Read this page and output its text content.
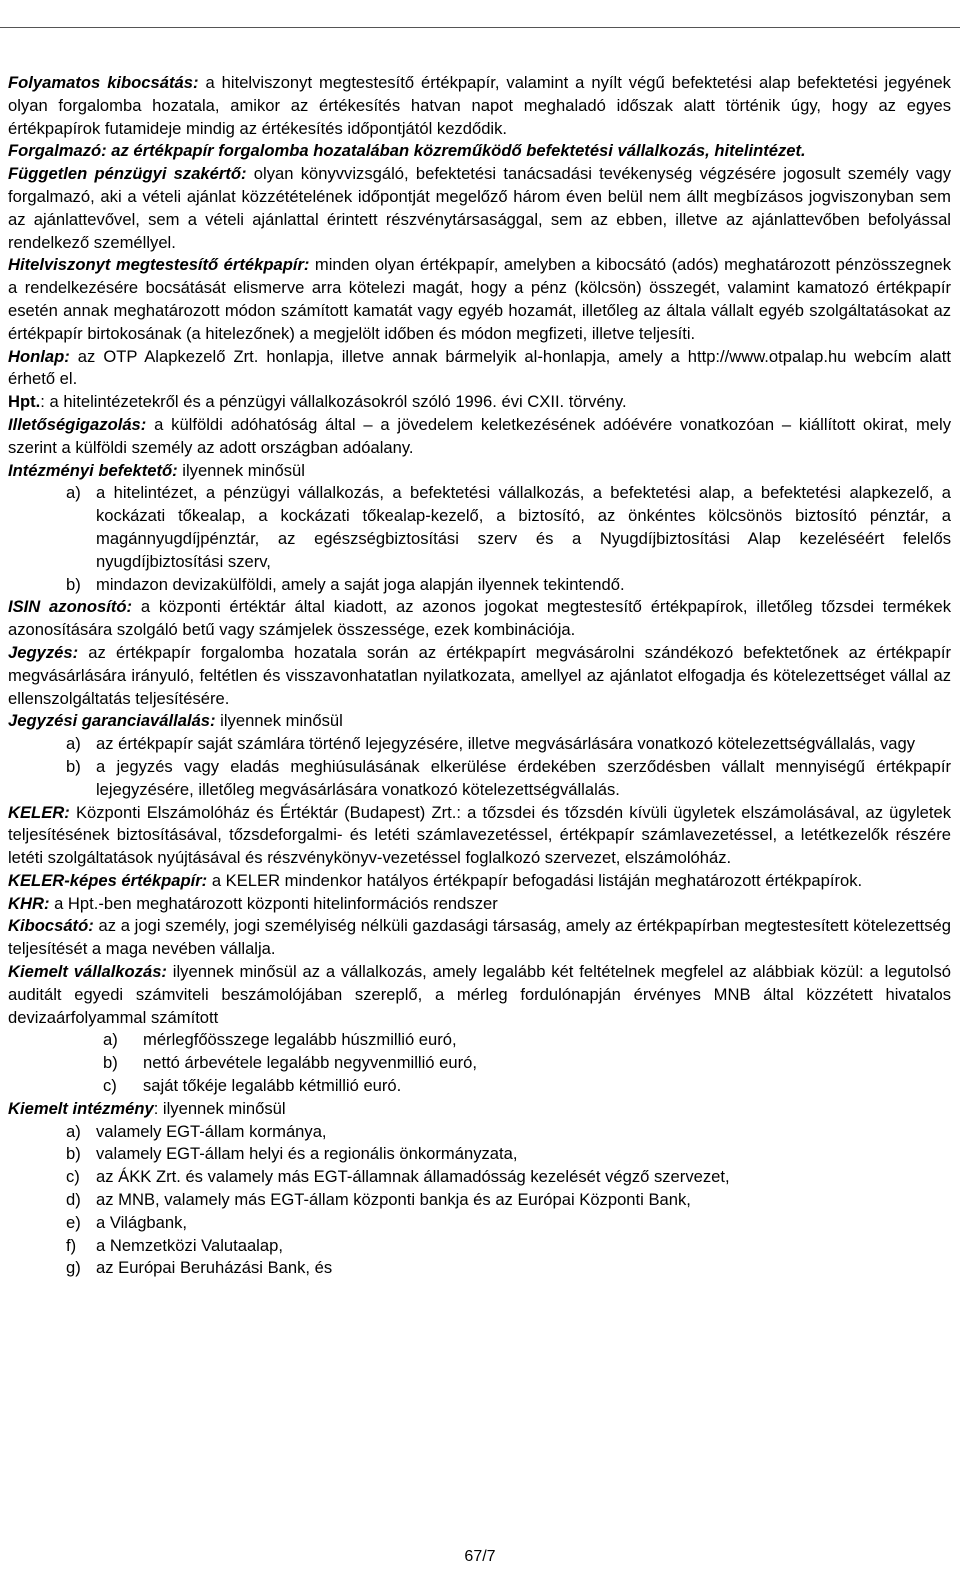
ÜZLETSZABÁLYZAT	FOGALMAK

Folyamatos kibocsátás: a hitelviszonyt megtestesítő értékpapír, valamint a nyílt végű befektetési alap befektetési jegyének olyan forgalomba hozatala, amikor az értékesítés hatvan napot meghaladó időszak alatt történik úgy, hogy az egyes értékpapírok futamideje mindig az értékesítés időpontjától kezdődik.

Forgalmazó: az értékpapír forgalomba hozatalában közreműködő befektetési vállalkozás, hitelintézet.

Független pénzügyi szakértő: olyan könyvvizsgáló, befektetési tanácsadási tevékenység végzésére jogosult személy vagy forgalmazó, aki a vételi ajánlat közzétételének időpontját megelőző három éven belül nem állt megbízásos jogviszonyban sem az ajánlattevővel, sem a vételi ajánlattal érintett részvénytársasággal, sem az ebben, illetve az ajánlattevőben befolyással rendelkező személlyel.

Hitelviszonyt megtestesítő értékpapír: minden olyan értékpapír, amelyben a kibocsátó (adós) meghatározott pénzösszegnek a rendelkezésére bocsátását elismerve arra kötelezi magát, hogy a pénz (kölcsön) összegét, valamint kamatozó értékpapír esetén annak meghatározott módon számított kamatát vagy egyéb hozamát, illetőleg az általa vállalt egyéb szolgáltatásokat az értékpapír birtokosának (a hitelezőnek) a megjelölt időben és módon megfizeti, illetve teljesíti.

Honlap: az OTP Alapkezelő Zrt. honlapja, illetve annak bármelyik al-honlapja, amely a http://www.otpalap.hu webcím alatt érhető el.

Hpt.: a hitelintézetekről és a pénzügyi vállalkozásokról szóló 1996. évi CXII. törvény.

Illetőségigazolás: a külföldi adóhatóság által – a jövedelem keletkezésének adóévére vonatkozóan – kiállított okirat, mely szerint a külföldi személy az adott országban adóalany.

Intézményi befektető: ilyennek minősül

a) a hitelintézet, a pénzügyi vállalkozás, a befektetési vállalkozás, a befektetési alap, a befektetési alapkezelő, a kockázati tőkealap, a kockázati tőkealap-kezelő, a biztosító, az önkéntes kölcsönös biztosító pénztár, a magánnyugdíjpénztár, az egészségbiztosítási szerv és a Nyugdíjbiztosítási Alap kezeléséért felelős nyugdíjbiztosítási szerv,
b) mindazon devizakülföldi, amely a saját joga alapján ilyennek tekintendő.

ISIN azonosító: a központi értéktár által kiadott, az azonos jogokat megtestesítő értékpapírok, illetőleg tőzsdei termékek azonosítására szolgáló betű vagy számjelek összessége, ezek kombinációja.

Jegyzés: az értékpapír forgalomba hozatala során az értékpapírt megvásárolni szándékozó befektetőnek az értékpapír megvásárlására irányuló, feltétlen és visszavonhatatlan nyilatkozata, amellyel az ajánlatot elfogadja és kötelezettséget vállal az ellenszolgáltatás teljesítésére.

Jegyzési garanciavállalás: ilyennek minősül

a) az értékpapír saját számlára történő lejegyzésére, illetve megvásárlására vonatkozó kötelezettségvállalás, vagy
b) a jegyzés vagy eladás meghiúsulásának elkerülése érdekében szerződésben vállalt mennyiségű értékpapír lejegyzésére, illetőleg megvásárlására vonatkozó kötelezettségvállalás.

KELER: Központi Elszámolóház és Értéktár (Budapest) Zrt.: a tőzsdei és tőzsdén kívüli ügyletek elszámolásával, az ügyletek teljesítésének biztosításával, tőzsdeforgalmi- és letéti számlavezetéssel, értékpapír számlavezetéssel, a letétkezelők részére letéti szolgáltatások nyújtásával és részvénykönyv-vezetéssel foglalkozó szervezet, elszámolóház.

KELER-képes értékpapír: a KELER mindenkor hatályos értékpapír befogadási listáján meghatározott értékpapírok.

KHR: a Hpt.-ben meghatározott központi hitelinformációs rendszer

Kibocsátó: az a jogi személy, jogi személyiség nélküli gazdasági társaság, amely az értékpapírban megtestesített kötelezettség teljesítését a maga nevében vállalja.

Kiemelt vállalkozás: ilyennek minősül az a vállalkozás, amely legalább két feltételnek megfelel az alábbiak közül: a legutolsó auditált egyedi számviteli beszámolójában szereplő, a mérleg fordulónapján érvényes MNB által közzétett hivatalos devizaárfolyammal számított

a)	mérlegfőösszege legalább húszmillió euró,
b)	nettó árbevétele legalább negyvenmillió euró,
c)	saját tőkéje legalább kétmillió euró.

Kiemelt intézmény: ilyennek minősül

a) valamely EGT-állam kormánya,
b) valamely EGT-állam helyi és a regionális önkormányzata,
c) az ÁKK Zrt. és valamely más EGT-államnak államadósság kezelését végző szervezet,
d) az MNB, valamely más EGT-állam központi bankja és az Európai Központi Bank,
e) a Világbank,
f)	a Nemzetközi Valutaalap,
g) az Európai Beruházási Bank, és
67/7
